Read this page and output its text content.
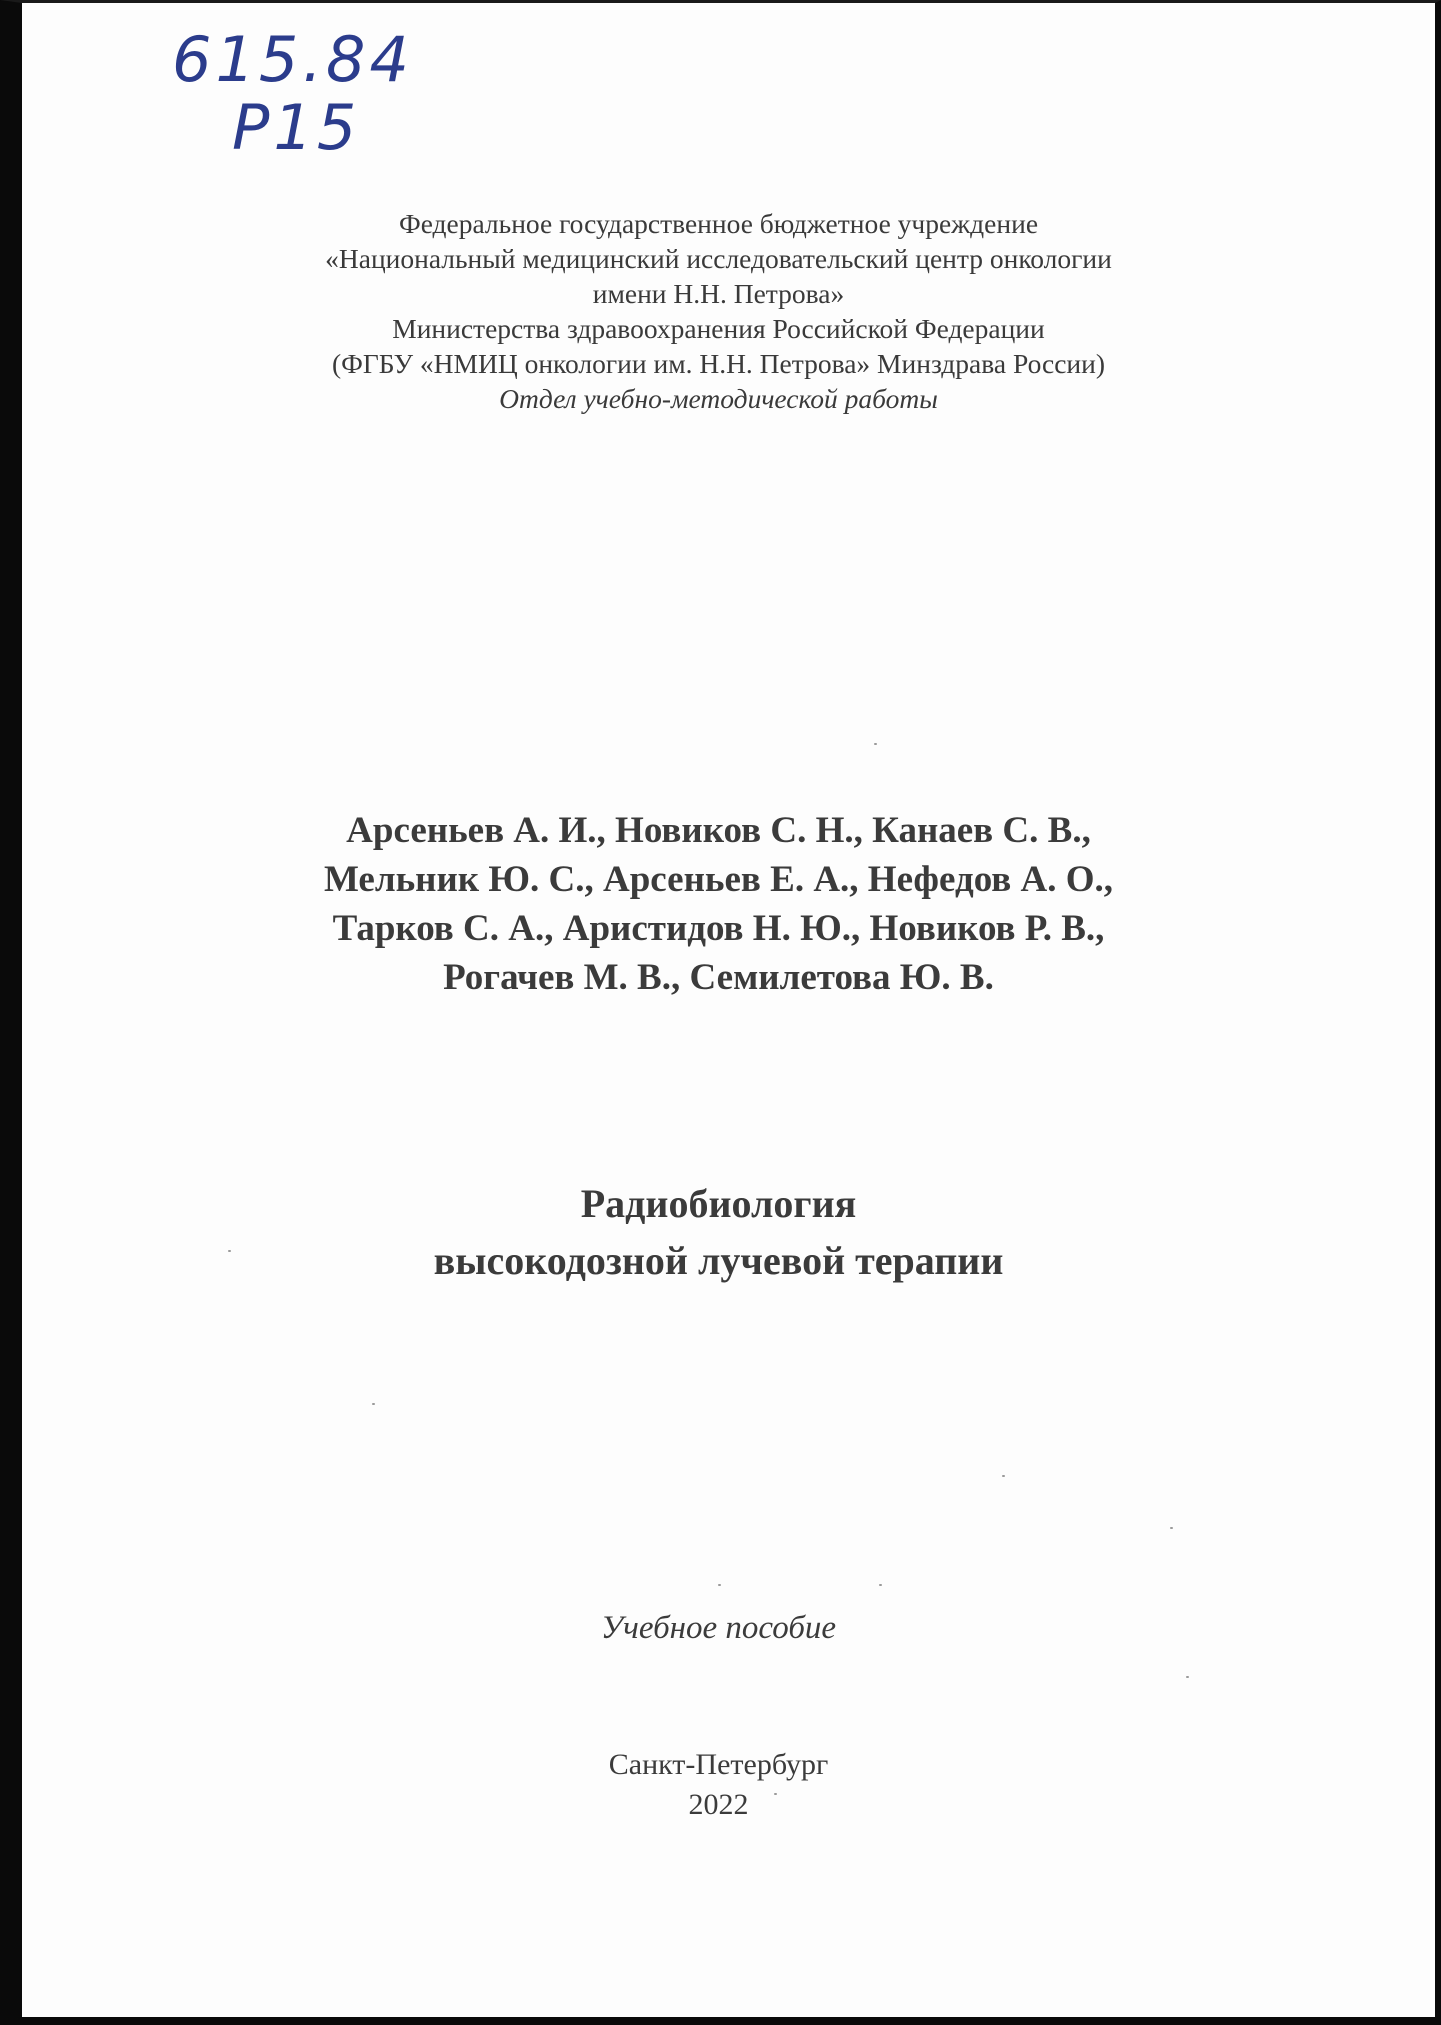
615.84
Р15
Федеральное государственное бюджетное учреждение
«Национальный медицинский исследовательский центр онкологии
имени Н.Н. Петрова»
Министерства здравоохранения Российской Федерации
(ФГБУ «НМИЦ онкологии им. Н.Н. Петрова» Минздрава России)
Отдел учебно-методической работы
Арсеньев А. И., Новиков С. Н., Канаев С. В.,
Мельник Ю. С., Арсеньев Е. А., Нефедов А. О.,
Тарков С. А., Аристидов Н. Ю., Новиков Р. В.,
Рогачев М. В., Семилетова Ю. В.
Радиобиология
высокодозной лучевой терапии
Учебное пособие
Санкт-Петербург
2022
